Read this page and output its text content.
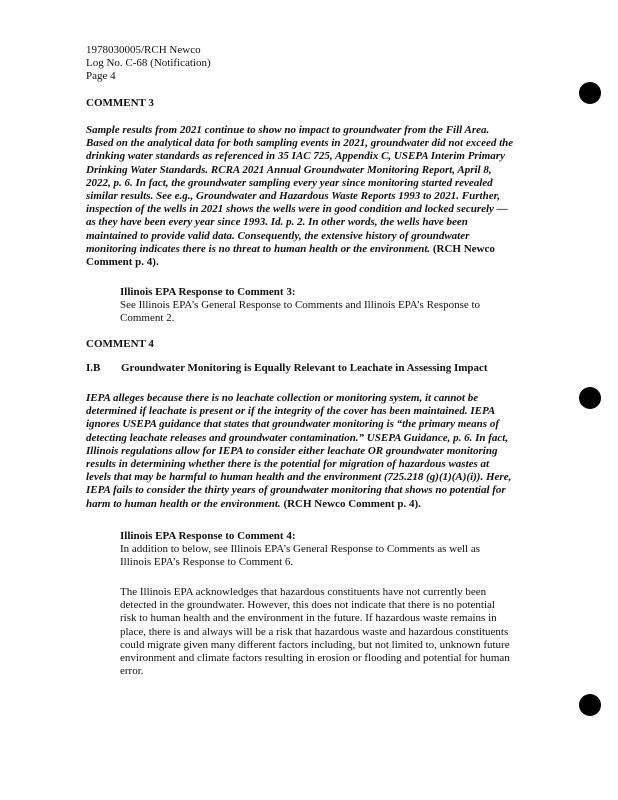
1978030005/RCH Newco
Log No. C-68 (Notification)
Page 4
COMMENT 3
Sample results from 2021 continue to show no impact to groundwater from the Fill Area.
Based on the analytical data for both sampling events in 2021, groundwater did not exceed the
drinking water standards as referenced in 35 IAC 725, Appendix C, USEPA Interim Primary
Drinking Water Standards. RCRA 2021 Annual Groundwater Monitoring Report, April 8,
2022, p. 6. In fact, the groundwater sampling every year since monitoring started revealed
similar results. See e.g., Groundwater and Hazardous Waste Reports 1993 to 2021. Further,
inspection of the wells in 2021 shows the wells were in good condition and locked securely —
as they have been every year since 1993. Id. p. 2. In other words, the wells have been
maintained to provide valid data. Consequently, the extensive history of groundwater
monitoring indicates there is no threat to human health or the environment. (RCH Newco
Comment p. 4).
Illinois EPA Response to Comment 3:
See Illinois EPA’s General Response to Comments and Illinois EPA’s Response to
Comment 2.
COMMENT 4
I.B Groundwater Monitoring is Equally Relevant to Leachate in Assessing Impact
IEPA alleges because there is no leachate collection or monitoring system, it cannot be
determined if leachate is present or if the integrity of the cover has been maintained. IEPA
ignores USEPA guidance that states that groundwater monitoring is “the primary means of
detecting leachate releases and groundwater contamination.” USEPA Guidance, p. 6. In fact,
Illinois regulations allow for IEPA to consider either leachate OR groundwater monitoring
results in determining whether there is the potential for migration of hazardous wastes at
levels that may be harmful to human health and the environment (725.218 (g)(1)(A)(i)). Here,
IEPA fails to consider the thirty years of groundwater monitoring that shows no potential for
harm to human health or the environment. (RCH Newco Comment p. 4).
Illinois EPA Response to Comment 4:
In addition to below, see Illinois EPA’s General Response to Comments as well as
Illinois EPA’s Response to Comment 6.
The Illinois EPA acknowledges that hazardous constituents have not currently been
detected in the groundwater. However, this does not indicate that there is no potential
risk to human health and the environment in the future. If hazardous waste remains in
place, there is and always will be a risk that hazardous waste and hazardous constituents
could migrate given many different factors including, but not limited to, unknown future
environment and climate factors resulting in erosion or flooding and potential for human
error.
